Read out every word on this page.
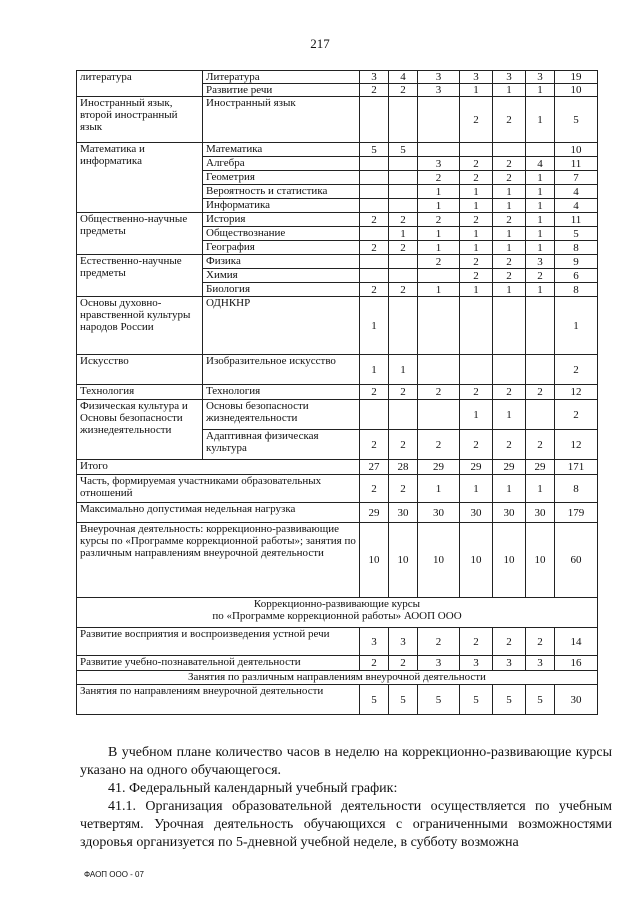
217
литература	Литература	3	4	3	3	3	3	19
	Развитие речи	2	2	3	1	1	1	10
Иностранный язык, второй иностранный язык	Иностранный язык				2	2	1	5
Математика и информатика	Математика	5	5					10
	Алгебра			3	2	2	4	11
	Геометрия			2	2	2	1	7
	Вероятность и статистика			1	1	1	1	4
	Информатика			1	1	1	1	4
Общественно-научные предметы	История	2	2	2	2	2	1	11
	Обществознание		1	1	1	1	1	5
	География	2	2	1	1	1	1	8
Естественно-научные предметы	Физика			2	2	2	3	9
	Химия				2	2	2	6
	Биология	2	2	1	1	1	1	8
Основы духовно-нравственной культуры народов России	ОДНКНР	1						1
Искусство	Изобразительное искусство	1	1					2
Технология	Технология	2	2	2	2	2	2	12
Физическая культура и Основы безопасности жизнедеятельности	Основы безопасности жизнедеятельности				1	1		2
	Адаптивная физическая культура	2	2	2	2	2	2	12
Итого		27	28	29	29	29	29	171
Часть, формируемая участниками образовательных отношений		2	2	1	1	1	1	8
Максимально допустимая недельная нагрузка		29	30	30	30	30	30	179
Внеурочная деятельность: коррекционно-развивающие курсы по «Программе коррекционной работы»; занятия по различным направлениям внеурочной деятельности		10	10	10	10	10	10	60

Коррекционно-развивающие курсы
по «Программе коррекционной работы» АООП ООО								

Развитие восприятия и воспроизведения устной речи		3	3	2	2	2	2	14
Развитие учебно-познавательной деятельности		2	2	3	3	3	3	16
Занятия по различным направлениям внеурочной деятельности								
Занятия по направлениям внеурочной деятельности		5	5	5	5	5	5	30

В учебном плане количество часов в неделю на коррекционно-развивающие курсы указано на одного обучающегося.

41. Федеральный календарный учебный график:

41.1. Организация образовательной деятельности осуществляется по учебным четвертям. Урочная деятельность обучающихся с ограниченными возможностями здоровья организуется по 5-дневной учебной неделе, в субботу возможна

ФАОП ООО - 07
